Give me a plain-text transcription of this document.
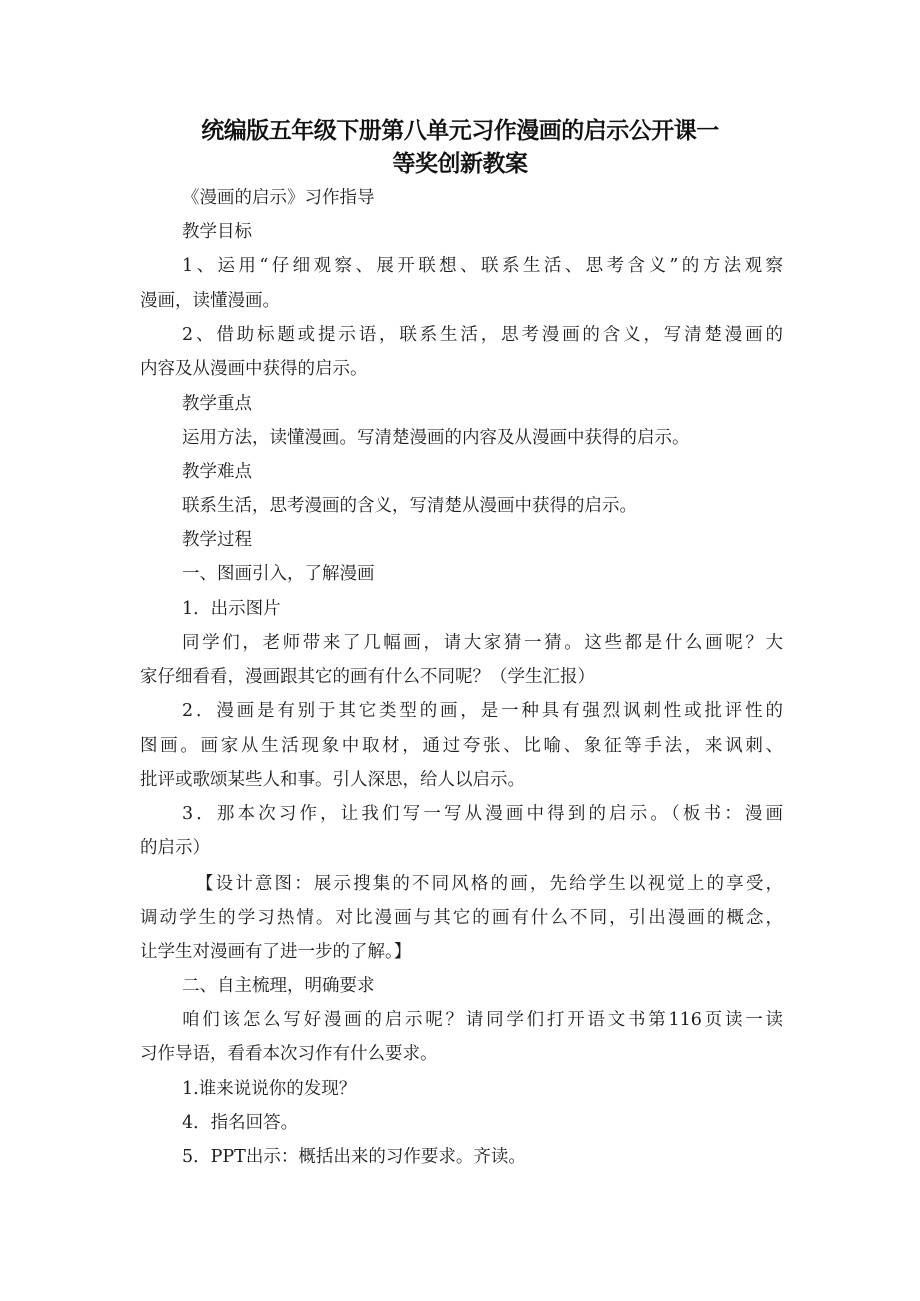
统编版五年级下册第八单元习作漫画的启示公开课一
等奖创新教案
《漫画的启示》习作指导
教学目标
1、运用“仔细观察、展开联想、联系生活、思考含义”的方法观察
漫画，读懂漫画。
2、借助标题或提示语，联系生活，思考漫画的含义，写清楚漫画的
内容及从漫画中获得的启示。
教学重点
运用方法，读懂漫画。写清楚漫画的内容及从漫画中获得的启示。
教学难点
联系生活，思考漫画的含义，写清楚从漫画中获得的启示。
教学过程
一、图画引入，了解漫画
1．出示图片
同学们，老师带来了几幅画，请大家猜一猜。这些都是什么画呢？大
家仔细看看，漫画跟其它的画有什么不同呢？（学生汇报）
2．漫画是有别于其它类型的画，是一种具有强烈讽刺性或批评性的
图画。画家从生活现象中取材，通过夸张、比喻、象征等手法，来讽刺、
批评或歌颂某些人和事。引人深思，给人以启示。
3．那本次习作，让我们写一写从漫画中得到的启示。（板书：漫画
的启示）
【设计意图：展示搜集的不同风格的画，先给学生以视觉上的享受，
调动学生的学习热情。对比漫画与其它的画有什么不同，引出漫画的概念，
让学生对漫画有了进一步的了解。】
二、自主梳理，明确要求
咱们该怎么写好漫画的启示呢？请同学们打开语文书第116页读一读
习作导语，看看本次习作有什么要求。
1.谁来说说你的发现？
4．指名回答。
5．PPT出示：概括出来的习作要求。齐读。
